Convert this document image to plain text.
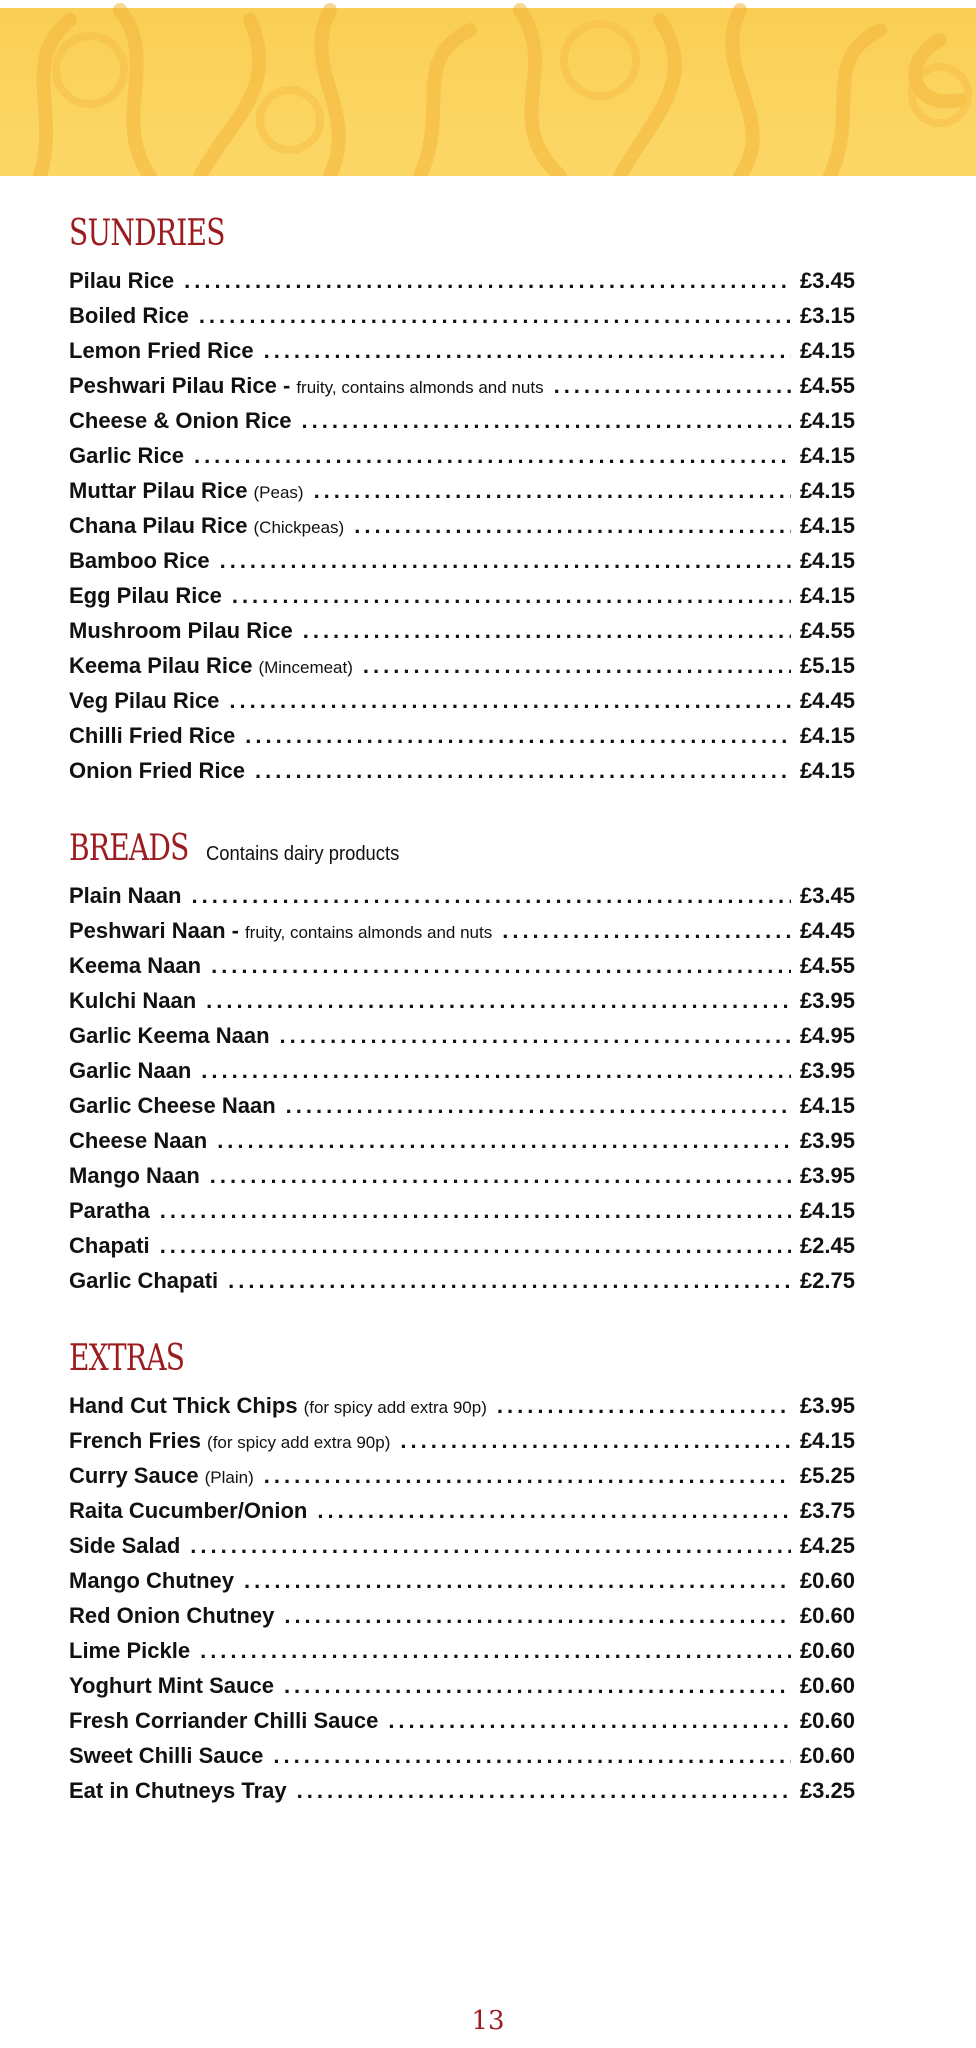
SUNDRIES
Pilau Rice .....	£3.45
Boiled Rice .....	£3.15
Lemon Fried Rice .....	£4.15
Peshwari Pilau Rice - fruity, contains almonds and nuts .....	£4.55
Cheese & Onion Rice .....	£4.15
Garlic Rice .....	£4.15
Muttar Pilau Rice (Peas) .....	£4.15
Chana Pilau Rice (Chickpeas) .....	£4.15
Bamboo Rice .....	£4.15
Egg Pilau Rice .....	£4.15
Mushroom Pilau Rice .....	£4.55
Keema Pilau Rice (Mincemeat) .....	£5.15
Veg Pilau Rice .....	£4.45
Chilli Fried Rice .....	£4.15
Onion Fried Rice .....	£4.15
BREADS Contains dairy products
Plain Naan .....	£3.45
Peshwari Naan - fruity, contains almonds and nuts .....	£4.45
Keema Naan .....	£4.55
Kulchi Naan .....	£3.95
Garlic Keema Naan .....	£4.95
Garlic Naan .....	£3.95
Garlic Cheese Naan .....	£4.15
Cheese Naan .....	£3.95
Mango Naan .....	£3.95
Paratha .....	£4.15
Chapati .....	£2.45
Garlic Chapati .....	£2.75
EXTRAS
Hand Cut Thick Chips (for spicy add extra 90p) .....	£3.95
French Fries (for spicy add extra 90p) .....	£4.15
Curry Sauce (Plain) .....	£5.25
Raita Cucumber/Onion .....	£3.75
Side Salad .....	£4.25
Mango Chutney .....	£0.60
Red Onion Chutney .....	£0.60
Lime Pickle .....	£0.60
Yoghurt Mint Sauce .....	£0.60
Fresh Corriander Chilli Sauce .....	£0.60
Sweet Chilli Sauce .....	£0.60
Eat in Chutneys Tray .....	£3.25
13
